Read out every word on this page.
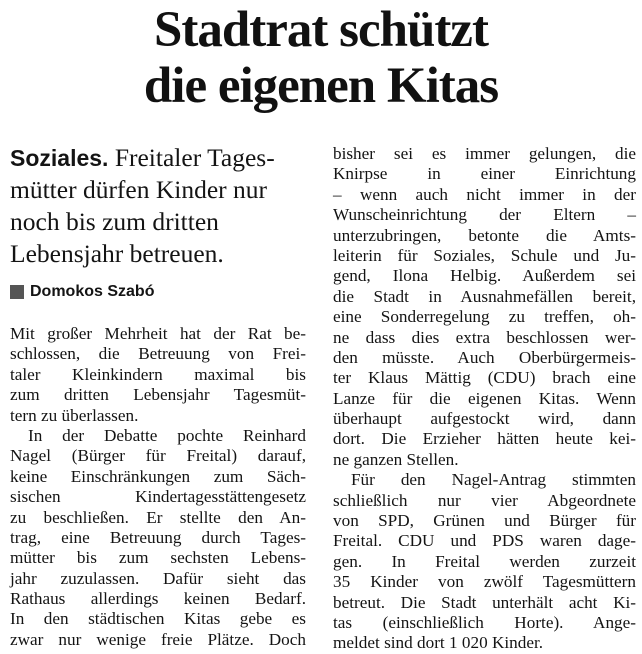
Stadtrat schützt
die eigenen Kitas

Soziales. Freitaler Tages-
mütter dürfen Kinder nur
noch bis zum dritten
Lebensjahr betreuen.

Domokos Szabó
Mit großer Mehrheit hat der Rat be-
schlossen, die Betreuung von Frei-
taler Kleinkindern maximal bis
zum dritten Lebensjahr Tagesmüt-
tern zu überlassen.
In der Debatte pochte Reinhard
Nagel (Bürger für Freital) darauf,
keine Einschränkungen zum Säch-
sischen Kindertagesstättengesetz
zu beschließen. Er stellte den An-
trag, eine Betreuung durch Tages-
mütter bis zum sechsten Lebens-
jahr zuzulassen. Dafür sieht das
Rathaus allerdings keinen Bedarf.
In den städtischen Kitas gebe es
zwar nur wenige freie Plätze. Doch
bisher sei es immer gelungen, die
Knirpse in einer Einrichtung
– wenn auch nicht immer in der
Wunscheinrichtung der Eltern –
unterzubringen, betonte die Amts-
leiterin für Soziales, Schule und Ju-
gend, Ilona Helbig. Außerdem sei
die Stadt in Ausnahmefällen bereit,
eine Sonderregelung zu treffen, oh-
ne dass dies extra beschlossen wer-
den müsste. Auch Oberbürgermeis-
ter Klaus Mättig (CDU) brach eine
Lanze für die eigenen Kitas. Wenn
überhaupt aufgestockt wird, dann
dort. Die Erzieher hätten heute kei-
ne ganzen Stellen.
Für den Nagel-Antrag stimmten
schließlich nur vier Abgeordnete
von SPD, Grünen und Bürger für
Freital. CDU und PDS waren dage-
gen. In Freital werden zurzeit
35 Kinder von zwölf Tagesmüttern
betreut. Die Stadt unterhält acht Ki-
tas (einschließlich Horte). Ange-
meldet sind dort 1 020 Kinder.
